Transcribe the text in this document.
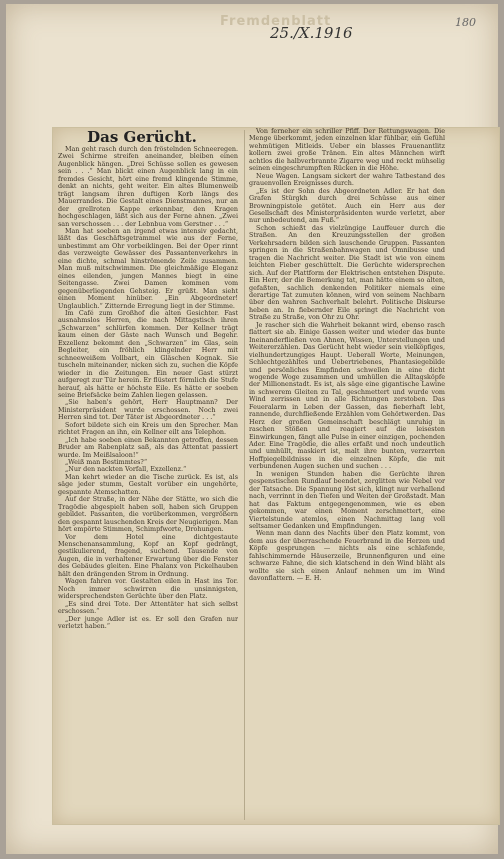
Fremdenblatt
25./X.1916
180
Das Gerücht.

Man geht rasch durch den fröstelnden Schneeregen. Zwei Schirme streifen aneinander, bleiben einen Augenblick hängen. „Drei Schüsse sollen es gewesen sein . . .“ Man blickt einen Augenblick lang in ein fremdes Gesicht, hört eine fremd klingende Stimme, denkt an nichts, geht weiter. Ein altes Blumenweib trägt langsam ihren duftigen Korb längs des Mauerrandes. Die Gestalt eines Dienstmannes, nur an der grellroten Kappe erkennbar, den Kragen hochgeschlagen, läßt sich aus der Ferne ahnen. „Zwei san verschossen . . . der Lebnbua vom Gerstner . . .“

Man hat soeben an irgend etwas intensiv gedacht, läßt das Geschäftsgetrammel wie aus der Ferne, unbestimmt am Ohr vorbeiklingen. Bei der Oper rinnt das verzweigte Gewässer des Passantenverkehrs in eine dichte, schmal hinströmende Zeile zusammen. Man muß mitschwimmen. Die gleichmäßige Eleganz eines eilenden, jungen Mannes biegt in eine Seitengasse. Zwei Damen kommen vom gegenüberliegenden Gehsteig. Er grüßt. Man sieht einen Moment hinüber. „Ein Abgeordneter! Unglaublich.“ Zitternde Erregung liegt in der Stimme.

Im Café zum Großhof die alten Gesichter. Fast ausnahmslos Herren, die nach Mittagstisch ihren „Schwarzen“ schlürfen kommen. Der Kellner trägt kaum einen der Gäste nach Wunsch und Begehr. Exzellenz bekommt den „Schwarzen“ im Glas, sein Begleiter, ein fröhlich klingelnder Herr mit schneeweißem Vollbart, ein Gläschen Kognak. Sie tuscheln miteinander, nicken sich zu, suchen die Köpfe wieder in die Zeitungen. Ein neuer Gast stürzt aufgeregt zur Tür herein. Er flüstert förmlich die Stufe herauf, als hätte er höchste Eile. Es hätte er soeben seine Briefsäcke beim Zahlen liegen gelassen.

„Sie haben's gehört, Herr Hauptmann? Der Ministerpräsident wurde erschossen. Noch zwei Herren sind tot. Der Täter ist Abgeordneter . . .“

Sofort bildete sich ein Kreis um den Sprecher. Man richtet Fragen an ihn, ein Kellner eilt ans Telephon.

„Ich habe soeben einen Bekannten getroffen, dessen Bruder am Rabenplatz saß, als das Attentat passiert wurde. Im Meißlsaloon!“

„Weiß man Bestimmtes?“

„Nur den nackten Vorfall, Exzellenz.“

Man kehrt wieder an die Tische zurück. Es ist, als säge jeder stumm, Gestalt vorüber ein ungehörte, gespannte Atemschatten.

Auf der Straße, in der Nähe der Stätte, wo sich die Tragödie abgespielt haben soll, haben sich Gruppen gebildet. Passanten, die vorüberkommen, vergrößern den gespannt lauschenden Kreis der Neugierigen. Man hört empörte Stimmen, Schimpfworte, Drohungen.

Vor dem Hotel eine dichtgestaute Menschenansammlung, Kopf an Kopf gedrängt, gestikulierend, fragend, suchend. Tausende von Augen, die in verhaltener Erwartung über die Fenster des Gebäudes gleiten. Eine Phalanx von Pickelhauben hält den drängenden Strom in Ordnung.

Wagen fahren vor. Gestalten eilen in Hast ins Tor. Noch immer schwirren die unsinnigsten, widersprechendsten Gerüchte über den Platz.

„Es sind drei Tote. Der Attentäter hat sich selbst erschossen.“

„Der junge Adler ist es. Er soll den Grafen nur verletzt haben.“

Von ferneher ein schriller Pfiff. Der Rettungswagen. Die Menge überkommt, jeden einzelnen klar fühlbar, ein Gefühl wehmütigen Mitleids. Ueber ein blasses Frauenantlitz kollern zwei große Tränen. Ein altes Männchen wirft achtlos die halbverbrannte Zigarre weg und reckt mühselig seinen eingeschrumpften Rücken in die Höhe.

Neue Wagen. Langsam sickert der wahre Tatbestand des grauenvollen Ereignisses durch.

„Es ist der Sohn des Abgeordneten Adler. Er hat den Grafen Stürgkh durch drei Schüsse aus einer Browningpistole getötet. Auch ein Herr aus der Gesellschaft des Ministerpräsidenten wurde verletzt, aber nur unbedeutend, am Fuß.“

Schon schießt das vielzüngige Lauffeuer durch die Straßen. An den Kreuzungsstellen der großen Verkehrsadern bilden sich lauschende Gruppen. Passanten springen in die Straßenbahnwagen und Omnibusse und tragen die Nachricht weiter. Die Stadt ist wie von einem leichten Fieber geschüttelt. Die Gerüchte widersprechen sich. Auf der Plattform der Elektrischen entstehen Dispute. Ein Herr, der die Bemerkung tat, man hätte einem so alten, gefaßten, sachlich denkenden Politiker niemals eine derartige Tat zumuten können, wird von seinem Nachbarn über den wahren Sachverhalt belehrt. Politische Diskurse heben an. In fiebernder Eile springt die Nachricht von Straße zu Straße, von Ohr zu Ohr.

Je rascher sich die Wahrheit bekannt wird, ebenso rasch flattert sie ab. Einige Gassen weiter und wieder das bunte Ineinanderfließen von Ahnen, Wissen, Unterstellungen und Weitererzählen. Das Gerücht hebt wieder sein vielköpfiges, vielhundertzungiges Haupt. Ueberall Worte, Meinungen, Schlechtgezähltes und Uebertriebenes, Phantasiegebilde und persönliches Empfinden schwellen in eine dicht wogende Woge zusammen und umhüllen die Alltagsköpfe der Millionenstadt. Es ist, als säge eine gigantische Lawine in schwerem Gleiten zu Tal, geschmettert und wurde vom Wind zerrissen und in alle Richtungen zerstoben. Das Feueralarm in Leben der Gassen, das fieberhaft lebt, rannende, durchfließende Erzählen vom Gehörtwerden. Das Herz der großen Gemeinschaft beschlägt unruhig in raschen Stößen und reagiert auf die leisesten Einwirkungen, fängt alle Pulse in einer einzigen, pochenden Ader. Eine Tragödie, die alles erfaßt und noch undeutlich und umhüllt, maskiert ist, malt ihre bunten, verzerrten Hoffpiegelbildnisse in die einzelnen Köpfe, die mit verbundenen Augen suchen und suchen . . .

In wenigen Stunden haben die Gerüchte ihren gespenstischen Rundlauf beendet, zerglitten wie Nebel vor der Tatsache. Die Spannung löst sich, klingt nur verhallend nach, verrinnt in den Tiefen und Weiten der Großstadt. Man hat das Faktum entgegengenommen, wie es eben gekommen, war einen Moment zerschmettert, eine Viertelstunde atemlos, einen Nachmittag lang voll seltsamer Gedanken und Empfindungen.

Wenn man dann des Nachts über den Platz kommt, von dem aus der überraschende Feuerbrand in die Herzen und Köpfe gesprungen — nichts als eine schlafende, fahlschimmernde Häuserzeile, Brunnenfiguren und eine schwarze Fahne, die sich klatschend in den Wind bläht als wollte sie sich einen Anlauf nehmen um im Wind davonflattern. — E. H.
